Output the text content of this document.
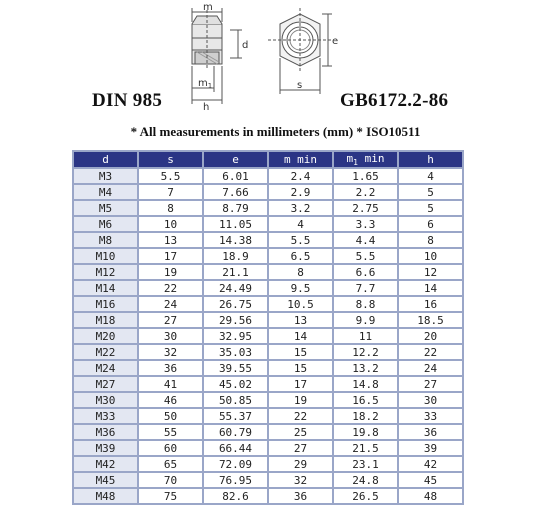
m
d
$m_1$
h
s
e
DIN 985	GB6172.2-86
* All measurements in millimeters (mm) * ISO10511
d	s	e	m min	$m_1$ min	h
M3	5.5	6.01	2.4	1.65	4
M4	7	7.66	2.9	2.2	5
M5	8	8.79	3.2	2.75	5
M6	10	11.05	4	3.3	6
M8	13	14.38	5.5	4.4	8
M10	17	18.9	6.5	5.5	10
M12	19	21.1	8	6.6	12
M14	22	24.49	9.5	7.7	14
M16	24	26.75	10.5	8.8	16
M18	27	29.56	13	9.9	18.5
M20	30	32.95	14	11	20
M22	32	35.03	15	12.2	22
M24	36	39.55	15	13.2	24
M27	41	45.02	17	14.8	27
M30	46	50.85	19	16.5	30
M33	50	55.37	22	18.2	33
M36	55	60.79	25	19.8	36
M39	60	66.44	27	21.5	39
M42	65	72.09	29	23.1	42
M45	70	76.95	32	24.8	45
M48	75	82.6	36	26.5	48
